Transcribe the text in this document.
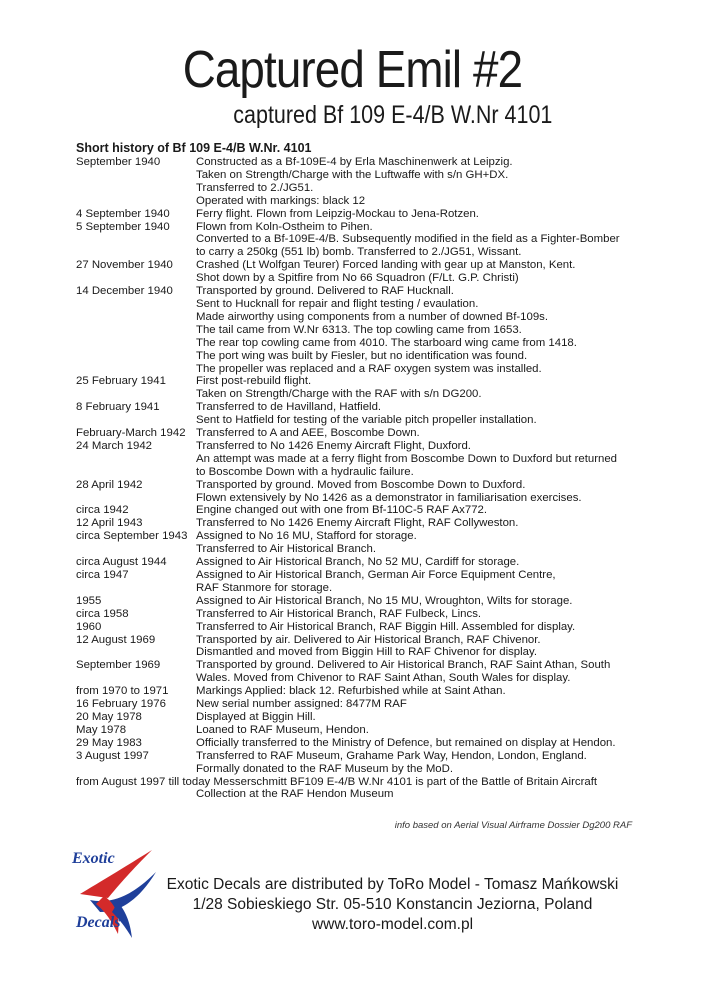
Captured Emil #2
captured Bf 109 E-4/B W.Nr 4101
Short history of Bf 109 E-4/B W.Nr. 4101
September 1940	Constructed as a Bf-109E-4 by Erla Maschinenwerk at Leipzig.
Taken on Strength/Charge with the Luftwaffe with s/n GH+DX.
Transferred to 2./JG51.
Operated with markings: black 12
4 September 1940	Ferry flight. Flown from Leipzig-Mockau to Jena-Rotzen.
5 September 1940	Flown from Koln-Ostheim to Pihen.
Converted to a Bf-109E-4/B. Subsequently modified in the field as a Fighter-Bomber
to carry a 250kg (551 lb) bomb. Transferred to 2./JG51, Wissant.
27 November 1940	Crashed (Lt Wolfgan Teurer) Forced landing with gear up at Manston, Kent.
Shot down by a Spitfire from No 66 Squadron (F/Lt. G.P. Christi)
14 December 1940	Transported by ground. Delivered to RAF Hucknall.
Sent to Hucknall for repair and flight testing / evaulation.
Made airworthy using components from a number of downed Bf-109s.
The tail came from W.Nr 6313. The top cowling came from 1653.
The rear top cowling came from 4010. The starboard wing came from 1418.
The port wing was built by Fiesler, but no identification was found.
The propeller was replaced and a RAF oxygen system was installed.
25 February 1941	First post-rebuild flight.
Taken on Strength/Charge with the RAF with s/n DG200.
8 February 1941	Transferred to de Havilland, Hatfield.
Sent to Hatfield for testing of the variable pitch propeller installation.
February-March 1942 Transferred to A and AEE, Boscombe Down.
24 March 1942	Transferred to No 1426 Enemy Aircraft Flight, Duxford.
An attempt was made at a ferry flight from Boscombe Down to Duxford but returned
to Boscombe Down with a hydraulic failure.
28 April 1942	Transported by ground. Moved from Boscombe Down to Duxford.
Flown extensively by No 1426 as a demonstrator in familiarisation exercises.
circa 1942	Engine changed out with one from Bf-110C-5 RAF Ax772.
12 April 1943	Transferred to No 1426 Enemy Aircraft Flight, RAF Collyweston.
circa September 1943 Assigned to No 16 MU, Stafford for storage.
Transferred to Air Historical Branch.
circa August 1944	Assigned to Air Historical Branch, No 52 MU, Cardiff for storage.
circa 1947	Assigned to Air Historical Branch, German Air Force Equipment Centre,
RAF Stanmore for storage.
1955	Assigned to Air Historical Branch, No 15 MU, Wroughton, Wilts for storage.
circa 1958	Transferred to Air Historical Branch, RAF Fulbeck, Lincs.
1960	Transferred to Air Historical Branch, RAF Biggin Hill. Assembled for display.
12 August 1969	Transported by air. Delivered to Air Historical Branch, RAF Chivenor.
Dismantled and moved from Biggin Hill to RAF Chivenor for display.
September 1969	Transported by ground. Delivered to Air Historical Branch, RAF Saint Athan, South
Wales. Moved from Chivenor to RAF Saint Athan, South Wales for display.
from 1970 to 1971	Markings Applied: black 12. Refurbished while at Saint Athan.
16 February 1976	New serial number assigned: 8477M RAF
20 May 1978	Displayed at Biggin Hill.
May 1978	Loaned to RAF Museum, Hendon.
29 May 1983	Officially transferred to the Ministry of Defence, but remained on display at Hendon.
3 August 1997	Transferred to RAF Museum, Grahame Park Way, Hendon, London, England.
Formally donated to the RAF Museum by the MoD.
from August 1997 till today Messerschmitt BF109 E-4/B W.Nr 4101 is part of the Battle of Britain Aircraft
Collection at the RAF Hendon Museum
info based on Aerial Visual Airframe Dossier Dg200 RAF
Exotic
Decals
Exotic Decals are distributed by ToRo Model - Tomasz Mańkowski
1/28 Sobieskiego Str. 05-510 Konstancin Jeziorna, Poland
www.toro-model.com.pl
